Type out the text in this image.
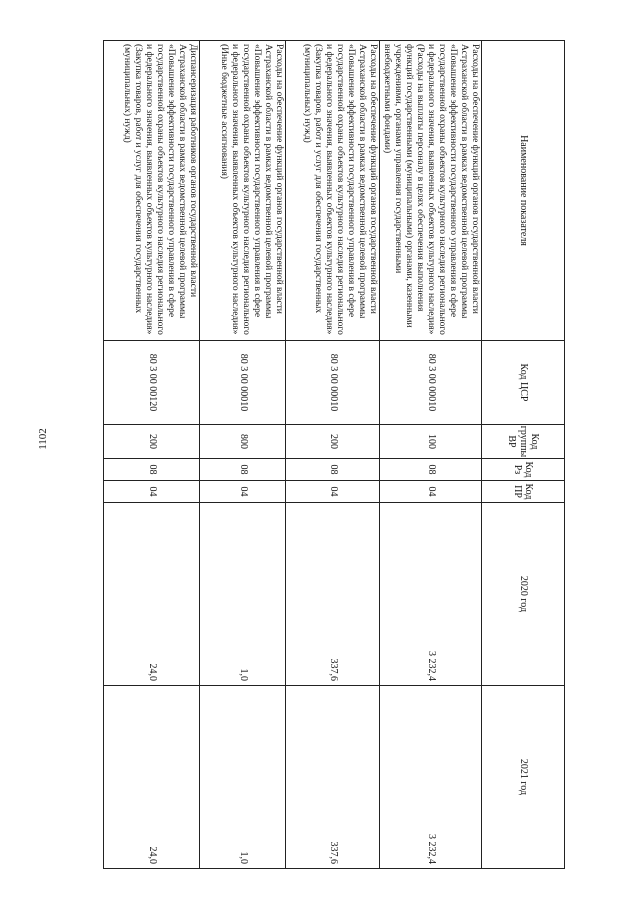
1102
Наименование показателя	Код ЦСР	Код группы ВР	Код Рз	Код ПР	2020 год	2021 год
Расходы на обеспечение функций органов государственной власти Астраханской области в рамках ведомственной целевой программы «Повышение эффективности государственного управления в сфере государственной охраны объектов культурного наследия регионального и федерального значения, выявленных объектов культурного наследия» (Расходы на выплаты персоналу в целях обеспечения выполнения функций государственными (муниципальными) органами, казенными учреждениями, органами управления государственными внебюджетными фондами)	80 3 00 00010	100	08	04	3 232,4	3 232,4
Расходы на обеспечение функций органов государственной власти Астраханской области в рамках ведомственной целевой программы «Повышение эффективности государственного управления в сфере государственной охраны объектов культурного наследия регионального и федерального значения, выявленных объектов культурного наследия» (Закупка товаров, работ и услуг для обеспечения государственных (муниципальных) нужд)	80 3 00 00010	200	08	04	337,6	337,6
Расходы на обеспечение функций органов государственной власти Астраханской области в рамках ведомственной целевой программы «Повышение эффективности государственного управления в сфере государственной охраны объектов культурного наследия регионального и федерального значения, выявленных объектов культурного наследия» (Иные бюджетные ассигнования)	80 3 00 00010	800	08	04	1,0	1,0
Диспансеризация работников органов государственной власти Астраханской области в рамках ведомственной целевой программы «Повышение эффективности государственного управления в сфере государственной охраны объектов культурного наследия регионального и федерального значения, выявленных объектов культурного наследия» (Закупка товаров, работ и услуг для обеспечения государственных (муниципальных) нужд)	80 3 00 00120	200	08	04	24,0	24,0
